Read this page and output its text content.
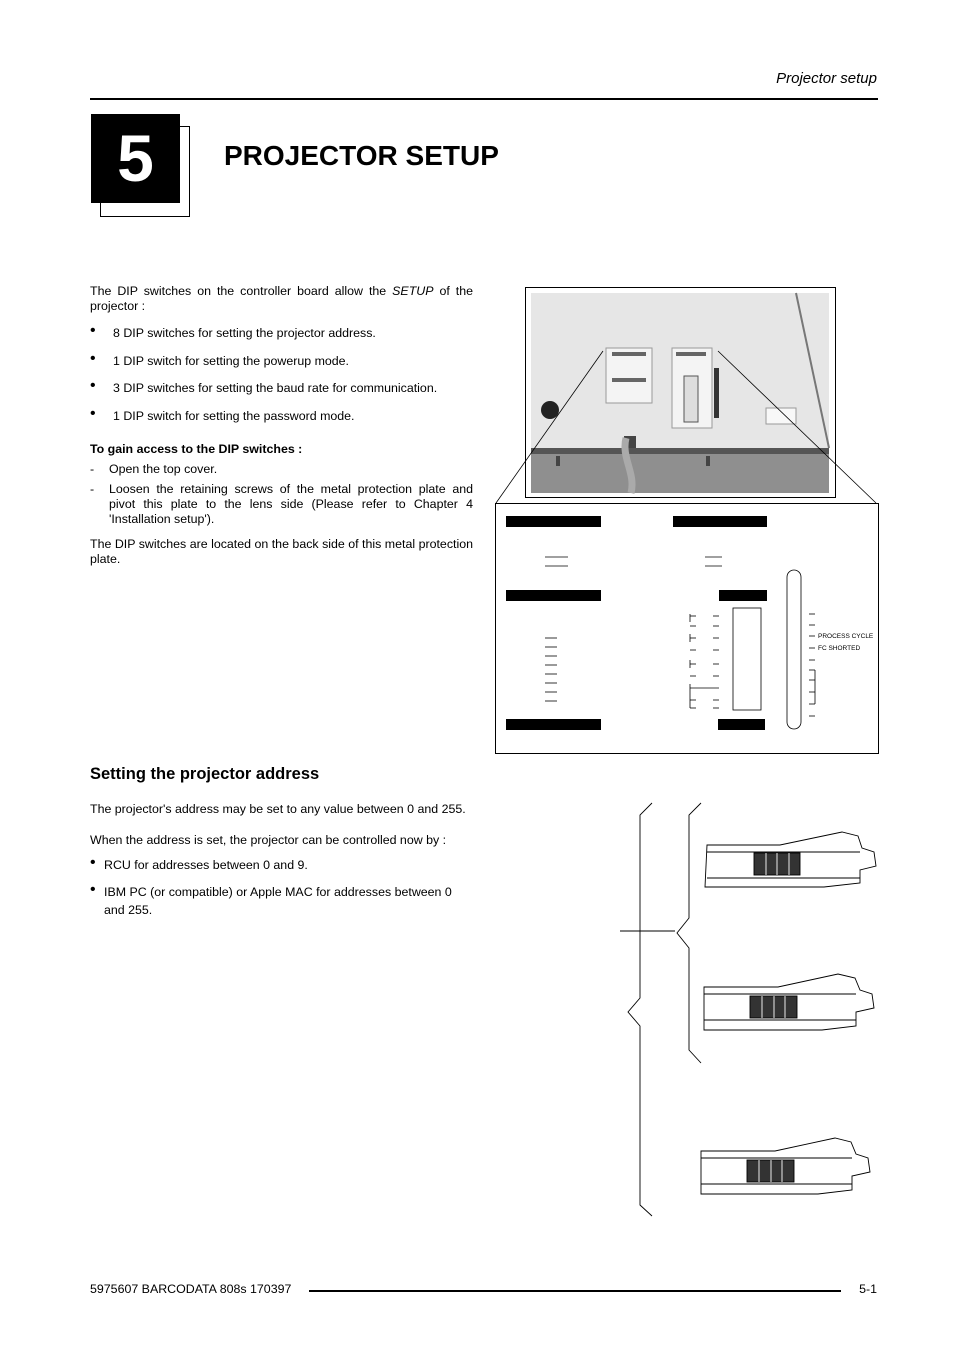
Projector setup
5	PROJECTOR SETUP
The DIP switches on the controller board allow the SETUP of the projector :
• 8 DIP switches for setting the projector address.
• 1 DIP switch for setting the powerup mode.
• 3 DIP switches for setting the baud rate for communication.
• 1 DIP switch for setting the password mode.
To gain access to the DIP switches :
- Open the top cover.
- Loosen the retaining screws of the metal protection plate and pivot this plate to the lens side (Please refer to Chapter 4 'Installation setup').
The DIP switches are located on the back side of this metal protection plate.
PROCESS CYCLE
FC SHORTED
Setting the projector address
The projector's address may be set to any value between 0 and 255.
When the address is set, the projector can be controlled now by :
• RCU for addresses between 0 and 9.
• IBM PC (or compatible) or Apple MAC for addresses between 0 and 255.
5975607 BARCODATA 808s 170397	5-1
